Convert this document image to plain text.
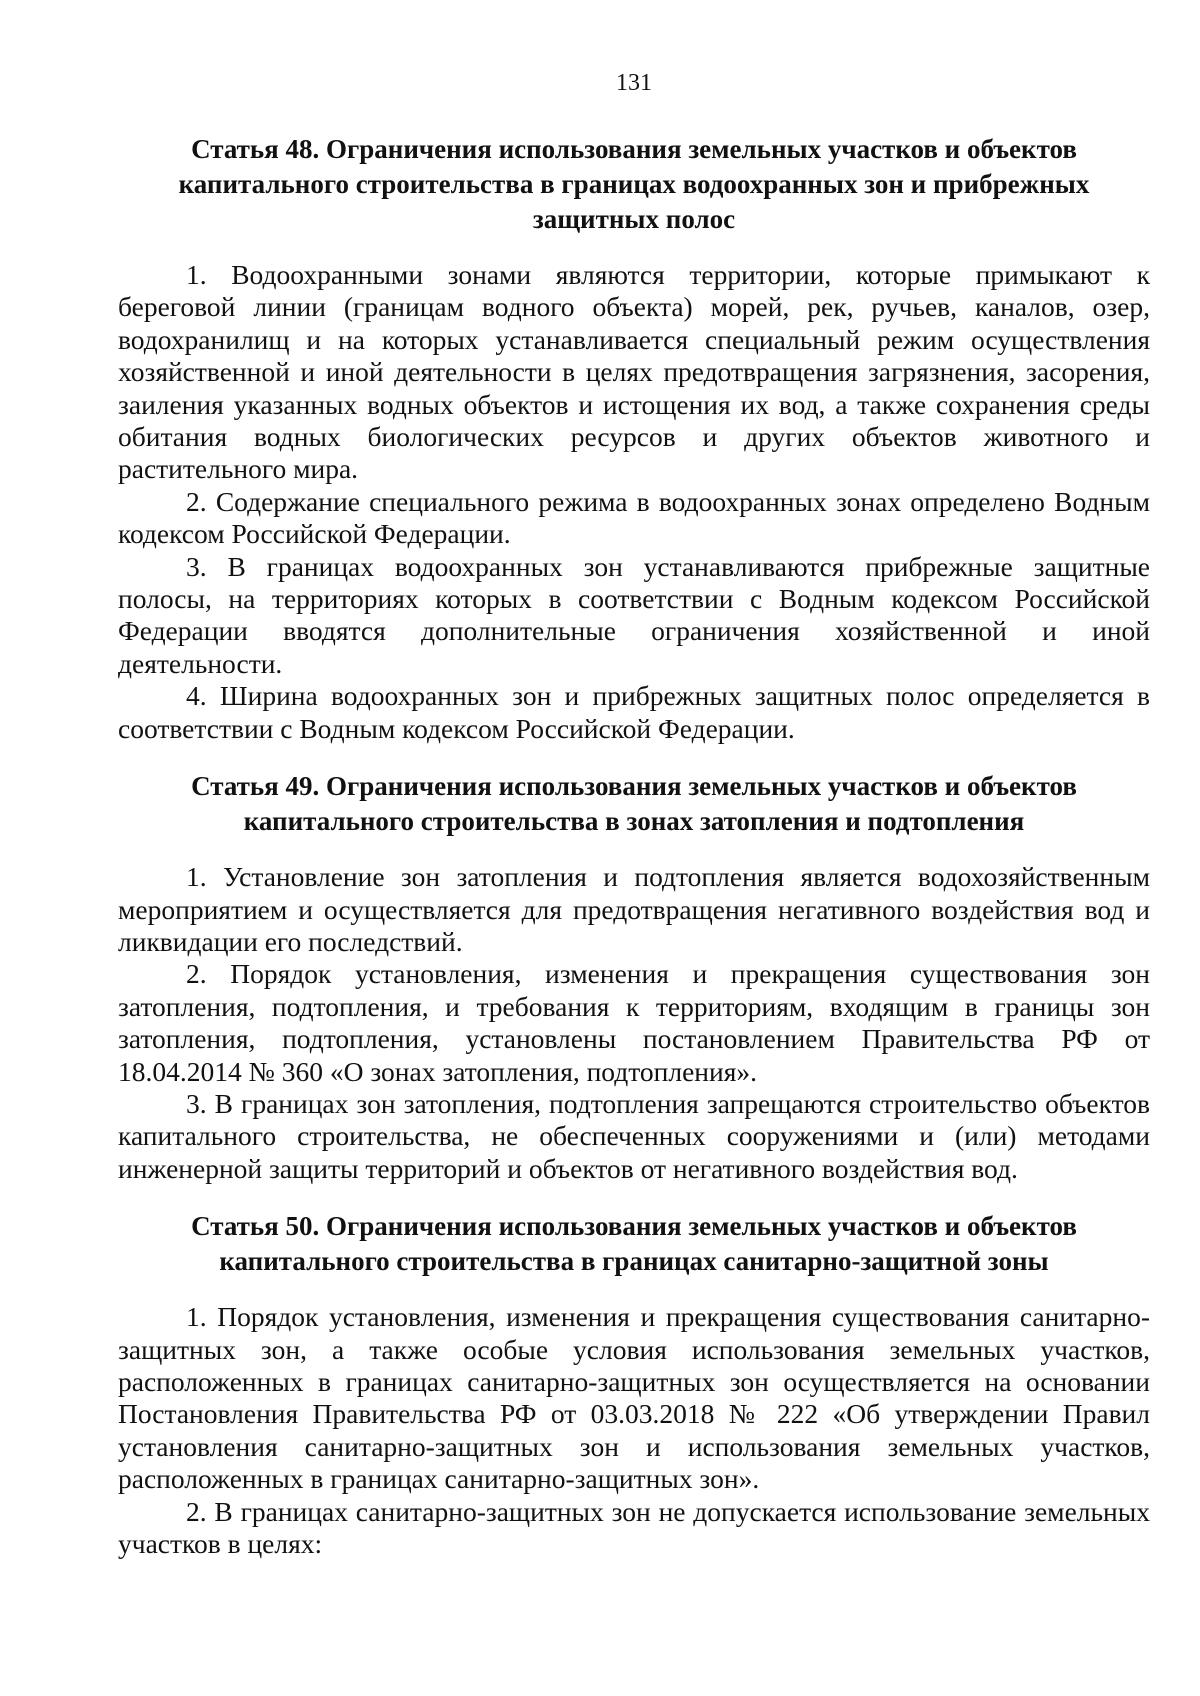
131
Статья 48. Ограничения использования земельных участков и объектов капитального строительства в границах водоохранных зон и прибрежных защитных полос

1. Водоохранными зонами являются территории, которые примыкают к береговой линии (границам водного объекта) морей, рек, ручьев, каналов, озер, водохранилищ и на которых устанавливается специальный режим осуществления хозяйственной и иной деятельности в целях предотвращения загрязнения, засорения, заиления указанных водных объектов и истощения их вод, а также сохранения среды обитания водных биологических ресурсов и других объектов животного и растительного мира.

2. Содержание специального режима в водоохранных зонах определено Водным кодексом Российской Федерации.

3. В границах водоохранных зон устанавливаются прибрежные защитные полосы, на территориях которых в соответствии с Водным кодексом Российской Федерации вводятся дополнительные ограничения хозяйственной и иной деятельности.

4. Ширина водоохранных зон и прибрежных защитных полос определяется в соответствии с Водным кодексом Российской Федерации.

Статья 49. Ограничения использования земельных участков и объектов капитального строительства в зонах затопления и подтопления

1. Установление зон затопления и подтопления является водохозяйственным мероприятием и осуществляется для предотвращения негативного воздействия вод и ликвидации его последствий.

2. Порядок установления, изменения и прекращения существования зон затопления, подтопления, и требования к территориям, входящим в границы зон затопления, подтопления, установлены постановлением Правительства РФ от 18.04.2014 № 360 «О зонах затопления, подтопления».

3. В границах зон затопления, подтопления запрещаются строительство объектов капитального строительства, не обеспеченных сооружениями и (или) методами инженерной защиты территорий и объектов от негативного воздействия вод.

Статья 50. Ограничения использования земельных участков и объектов капитального строительства в границах санитарно-защитной зоны

1. Порядок установления, изменения и прекращения существования санитарно-защитных зон, а также особые условия использования земельных участков, расположенных в границах санитарно-защитных зон осуществляется на основании Постановления Правительства РФ от 03.03.2018 № 222 «Об утверждении Правил установления санитарно-защитных зон и использования земельных участков, расположенных в границах санитарно-защитных зон».

2. В границах санитарно-защитных зон не допускается использование земельных участков в целях:
